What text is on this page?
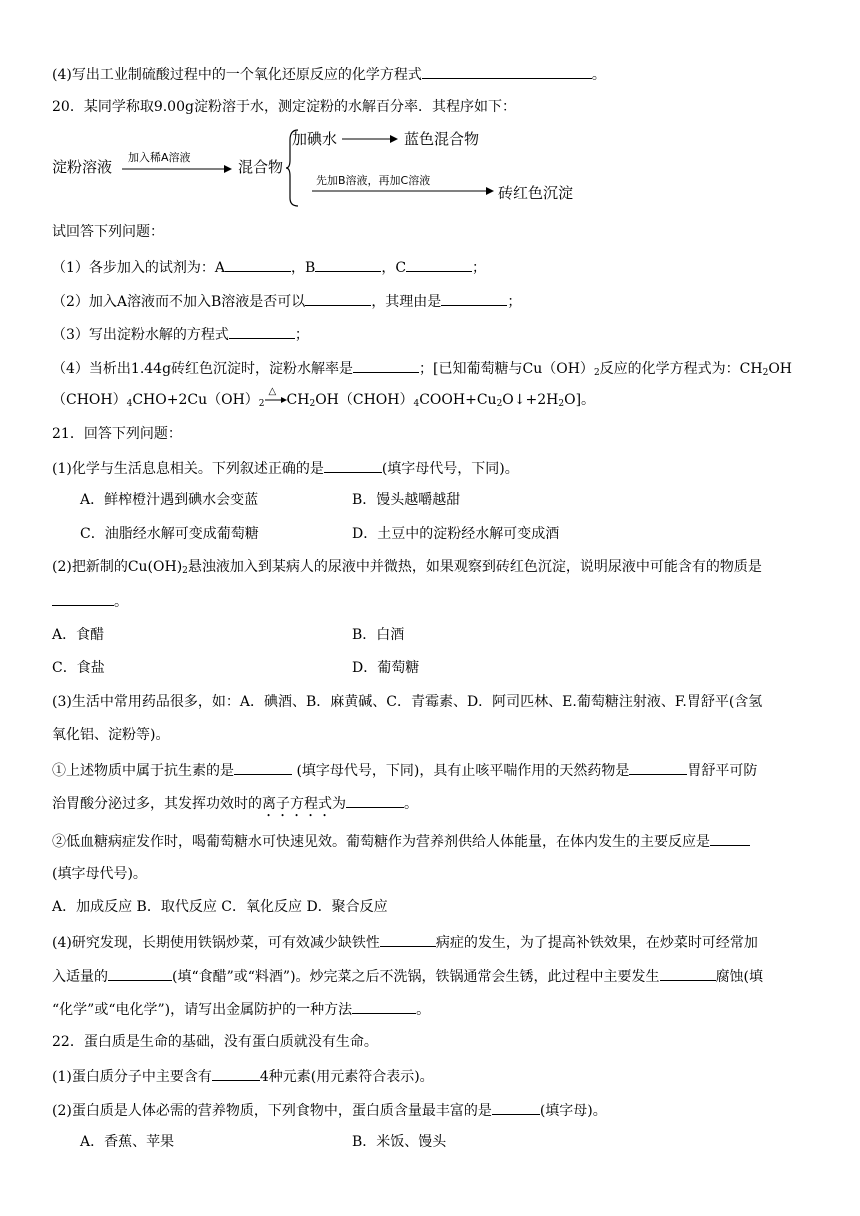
(4)写出工业制硫酸过程中的一个氧化还原反应的化学方程式	。
20．某同学称取9.00g淀粉溶于水，测定淀粉的水解百分率．其程序如下：
淀粉溶液
加入稀A溶液
混合物
加碘水	蓝色混合物
先加B溶液，再加C溶液
砖红色沉淀
试回答下列问题：
（1）各步加入的试剂为：A	，B	，C	；
（2）加入A溶液而不加入B溶液是否可以	，其理由是	；
（3）写出淀粉水解的方程式	；
（4）当析出1.44g砖红色沉淀时，淀粉水解率是	；[已知葡萄糖与$Cu(OH)_2$反应的化学方程式为：$CH_2OH$
$(CHOH)_4CHO+2Cu(OH)_2$
△
$CH_2OH(CHOH)_4COOH+Cu_2O↓+2H_2O$]。
21．回答下列问题：
(1)化学与生活息息相关。下列叙述正确的是	(填字母代号，下同)。
A．鲜榨橙汁遇到碘水会变蓝	B．馒头越嚼越甜
C．油脂经水解可变成葡萄糖	D．土豆中的淀粉经水解可变成酒
(2)把新制的$Cu(OH)_2$悬浊液加入到某病人的尿液中并微热，如果观察到砖红色沉淀，说明尿液中可能含有的物质是
。
A．食醋	B．白酒
C．食盐	D．葡萄糖
(3)生活中常用药品很多，如：A．碘酒、B．麻黄碱、C．青霉素、D．阿司匹林、E.葡萄糖注射液、F.胃舒平(含氢
氧化铝、淀粉等)。
①上述物质中属于抗生素的是	(填字母代号，下同)，具有止咳平喘作用的天然药物是	胃舒平可防
治胃酸分泌过多，其发挥功效时的离子方程式为	。
②低血糖病症发作时，喝葡萄糖水可快速见效。葡萄糖作为营养剂供给人体能量，在体内发生的主要反应是
(填字母代号)。
A．加成反应 B．取代反应 C．氧化反应 D．聚合反应
(4)研究发现，长期使用铁锅炒菜，可有效减少缺铁性	病症的发生，为了提高补铁效果，在炒菜时可经常加
入适量的	(填“食醋”或“料酒”)。炒完菜之后不洗锅，铁锅通常会生锈，此过程中主要发生	腐蚀(填
“化学”或“电化学”)，请写出金属防护的一种方法	。
22．蛋白质是生命的基础，没有蛋白质就没有生命。
(1)蛋白质分子中主要含有	4种元素(用元素符合表示)。
(2)蛋白质是人体必需的营养物质，下列食物中，蛋白质含量最丰富的是	(填字母)。
A．香蕉、苹果	B．米饭、馒头
